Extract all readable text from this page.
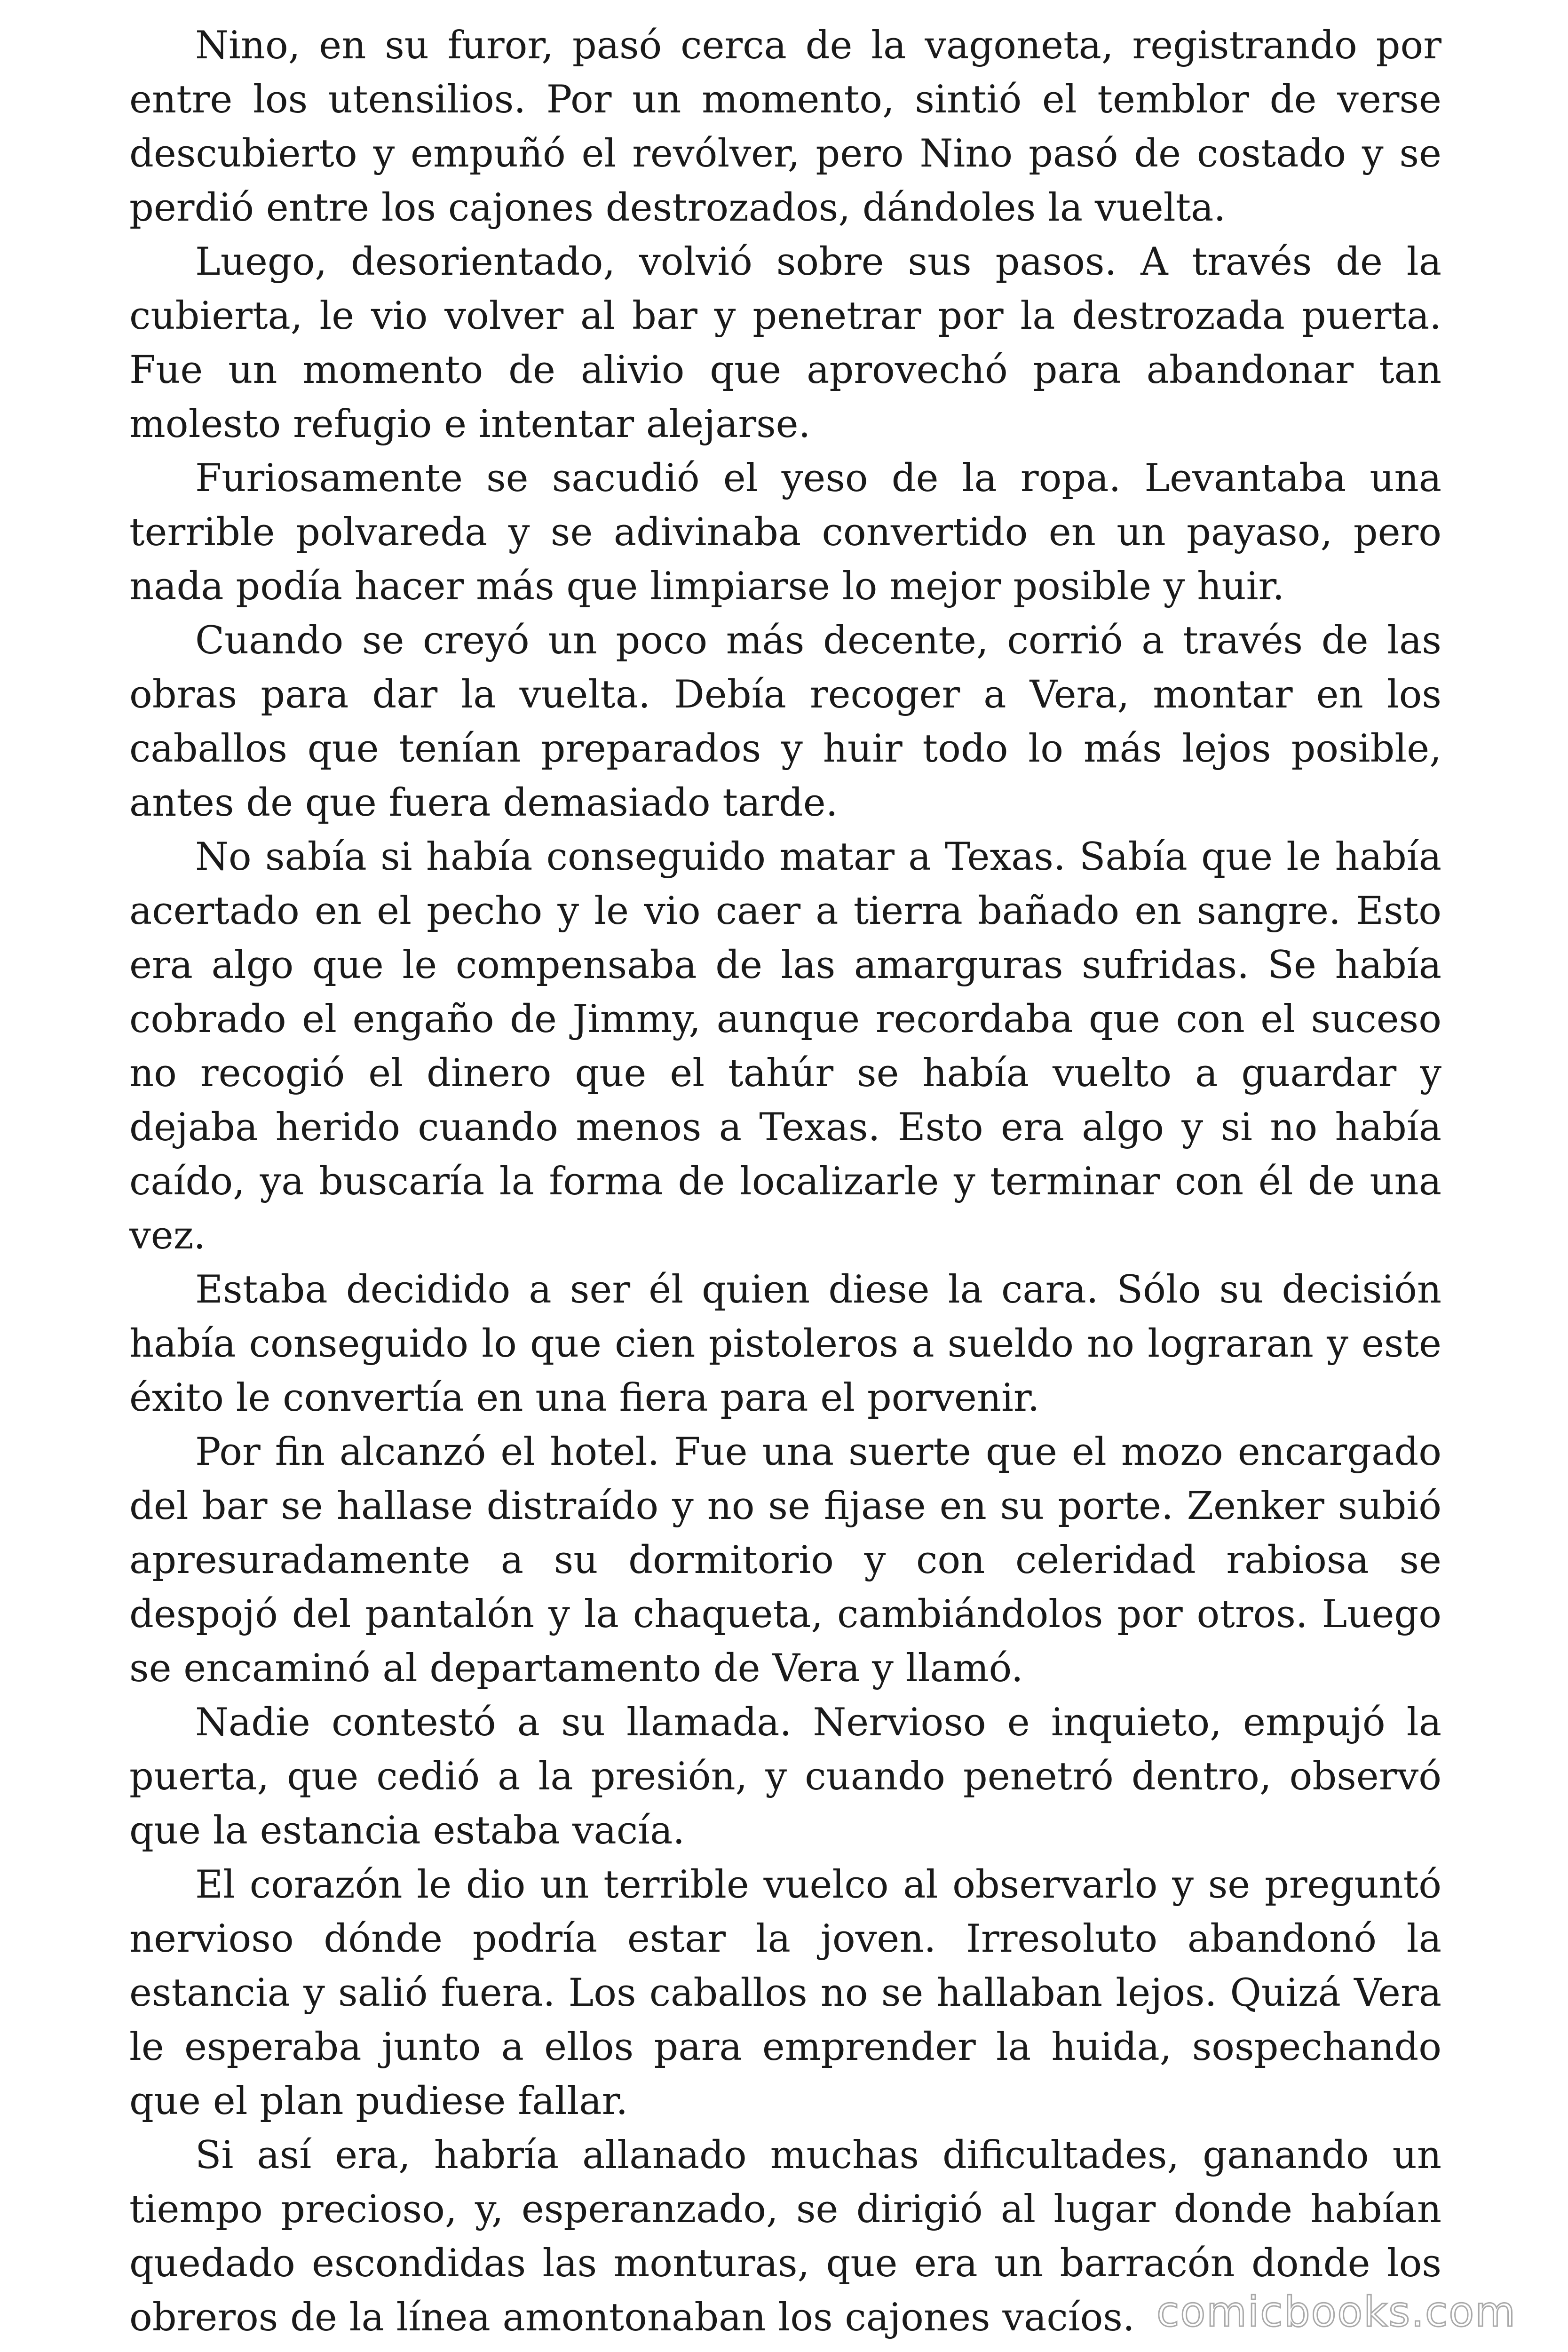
Nino, en su furor, pasó cerca de la vagoneta, registrando por entre los utensilios. Por un momento, sintió el temblor de verse descubierto y empuñó el revólver, pero Nino pasó de costado y se perdió entre los cajones destrozados, dándoles la vuelta.

Luego, desorientado, volvió sobre sus pasos. A través de la cubierta, le vio volver al bar y penetrar por la destrozada puerta. Fue un momento de alivio que aprovechó para abandonar tan molesto refugio e intentar alejarse.

Furiosamente se sacudió el yeso de la ropa. Levantaba una terrible polvareda y se adivinaba convertido en un payaso, pero nada podía hacer más que limpiarse lo mejor posible y huir.

Cuando se creyó un poco más decente, corrió a través de las obras para dar la vuelta. Debía recoger a Vera, montar en los caballos que tenían preparados y huir todo lo más lejos posible, antes de que fuera demasiado tarde.

No sabía si había conseguido matar a Texas. Sabía que le había acertado en el pecho y le vio caer a tierra bañado en sangre. Esto era algo que le compensaba de las amarguras sufridas. Se había cobrado el engaño de Jimmy, aunque recordaba que con el suceso no recogió el dinero que el tahúr se había vuelto a guardar y dejaba herido cuando menos a Texas. Esto era algo y si no había caído, ya buscaría la forma de localizarle y terminar con él de una vez.

Estaba decidido a ser él quien diese la cara. Sólo su decisión había conseguido lo que cien pistoleros a sueldo no lograran y este éxito le convertía en una fiera para el porvenir.

Por fin alcanzó el hotel. Fue una suerte que el mozo encargado del bar se hallase distraído y no se fijase en su porte. Zenker subió apresuradamente a su dormitorio y con celeridad rabiosa se despojó del pantalón y la chaqueta, cambiándolos por otros. Luego se encaminó al departamento de Vera y llamó.

Nadie contestó a su llamada. Nervioso e inquieto, empujó la puerta, que cedió a la presión, y cuando penetró dentro, observó que la estancia estaba vacía.

El corazón le dio un terrible vuelco al observarlo y se preguntó nervioso dónde podría estar la joven. Irresoluto abandonó la estancia y salió fuera. Los caballos no se hallaban lejos. Quizá Vera le esperaba junto a ellos para emprender la huida, sospechando que el plan pudiese fallar.

Si así era, habría allanado muchas dificultades, ganando un tiempo precioso, y, esperanzado, se dirigió al lugar donde habían quedado escondidas las monturas, que era un barracón donde los obreros de la línea amontonaban los cajones vacíos. comicbooks.com
